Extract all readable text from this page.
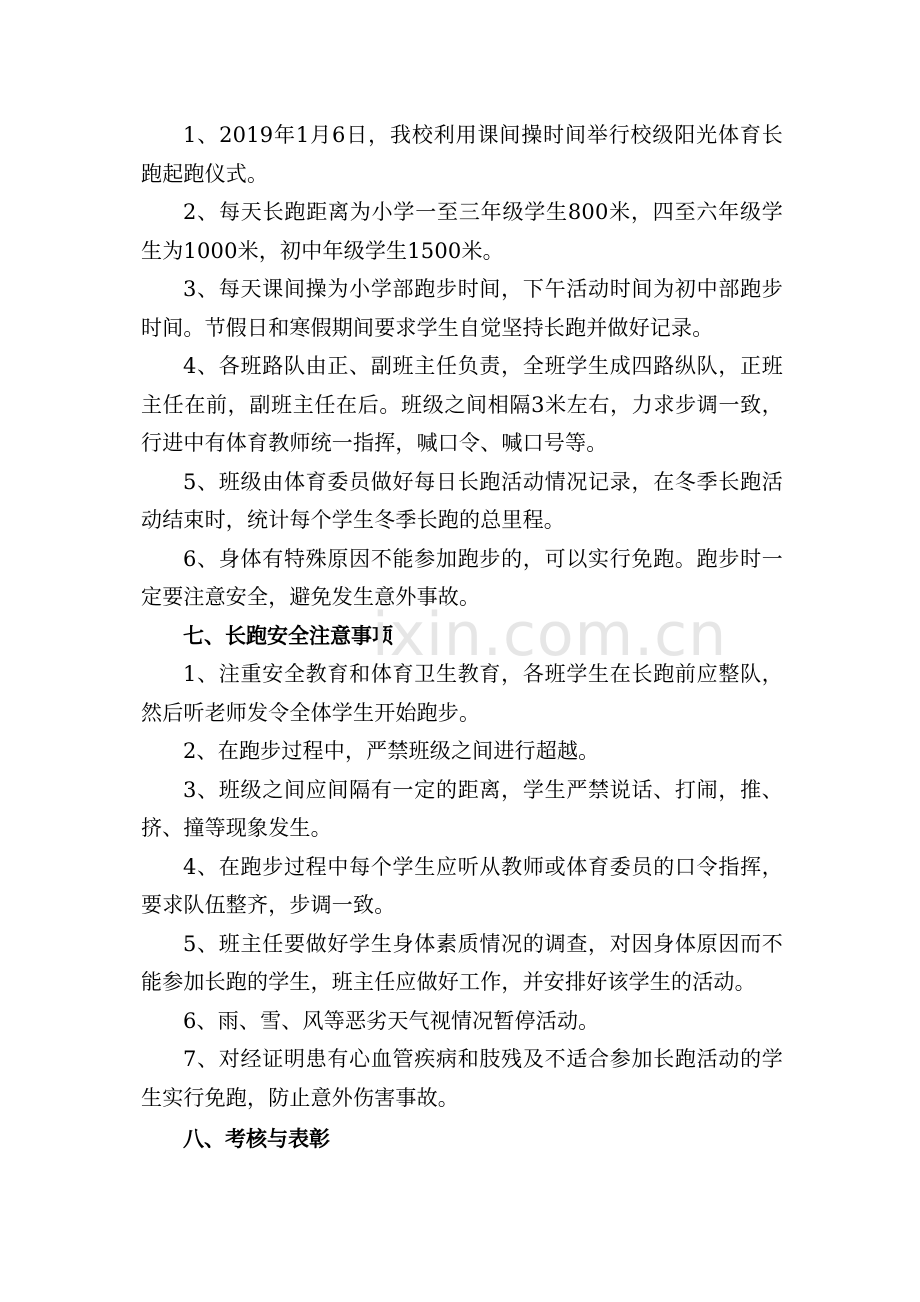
1、2019年1月6日，我校利用课间操时间举行校级阳光体育长跑起跑仪式。

2、每天长跑距离为小学一至三年级学生800米，四至六年级学生为1000米，初中年级学生1500米。

3、每天课间操为小学部跑步时间，下午活动时间为初中部跑步时间。节假日和寒假期间要求学生自觉坚持长跑并做好记录。

4、各班路队由正、副班主任负责，全班学生成四路纵队，正班主任在前，副班主任在后。班级之间相隔3米左右，力求步调一致，行进中有体育教师统一指挥，喊口令、喊口号等。

5、班级由体育委员做好每日长跑活动情况记录，在冬季长跑活动结束时，统计每个学生冬季长跑的总里程。

6、身体有特殊原因不能参加跑步的，可以实行免跑。跑步时一定要注意安全，避免发生意外事故。

七、长跑安全注意事项

1、注重安全教育和体育卫生教育，各班学生在长跑前应整队，然后听老师发令全体学生开始跑步。

2、在跑步过程中，严禁班级之间进行超越。

3、班级之间应间隔有一定的距离，学生严禁说话、打闹，推、挤、撞等现象发生。

4、在跑步过程中每个学生应听从教师或体育委员的口令指挥，要求队伍整齐，步调一致。

5、班主任要做好学生身体素质情况的调查，对因身体原因而不能参加长跑的学生，班主任应做好工作，并安排好该学生的活动。

6、雨、雪、风等恶劣天气视情况暂停活动。

7、对经证明患有心血管疾病和肢残及不适合参加长跑活动的学生实行免跑，防止意外伤害事故。

八、考核与表彰

ixin.com.cn
